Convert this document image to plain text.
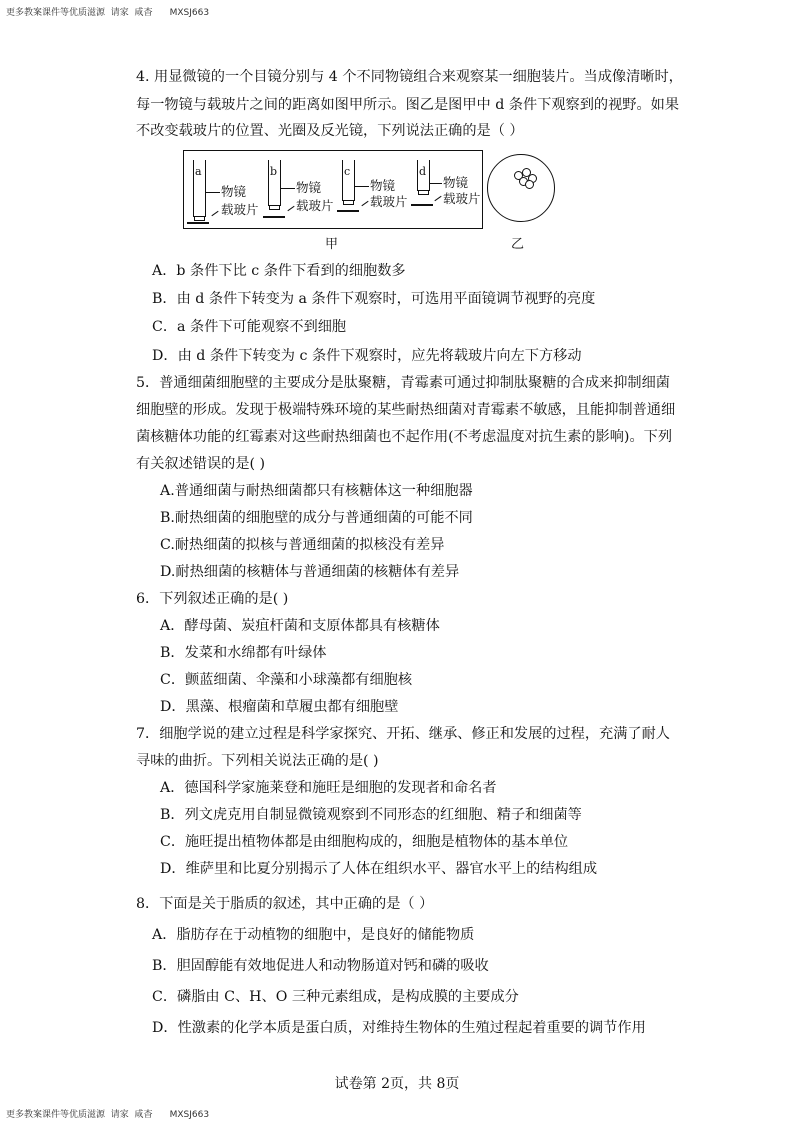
更多教案课件等优质滋源  请家  咸杳      MXSJ663
4. 用显微镜的一个目镜分别与 4 个不同物镜组合来观察某一细胞装片。当成像清晰时，
每一物镜与载玻片之间的距离如图甲所示。图乙是图甲中 d 条件下观察到的视野。如果
不改变载玻片的位置、光圈及反光镜，下列说法正确的是（ ）
a
物镜
载玻片
b
物镜
载玻片
c
物镜
载玻片
d
物镜
载玻片
甲	乙
A．b 条件下比 c 条件下看到的细胞数多
B．由 d 条件下转变为 a 条件下观察时，可选用平面镜调节视野的亮度
C．a 条件下可能观察不到细胞
D．由 d 条件下转变为 c 条件下观察时，应先将载玻片向左下方移动
5．普通细菌细胞壁的主要成分是肽聚糖，青霉素可通过抑制肽聚糖的合成来抑制细菌
细胞壁的形成。发现于极端特殊环境的某些耐热细菌对青霉素不敏感，且能抑制普通细
菌核糖体功能的红霉素对这些耐热细菌也不起作用(不考虑温度对抗生素的影响)。下列
有关叙述错误的是( )
A.普通细菌与耐热细菌都只有核糖体这一种细胞器
B.耐热细菌的细胞壁的成分与普通细菌的可能不同
C.耐热细菌的拟核与普通细菌的拟核没有差异
D.耐热细菌的核糖体与普通细菌的核糖体有差异
6．下列叙述正确的是( )
A．酵母菌、炭疽杆菌和支原体都具有核糖体
B．发菜和水绵都有叶绿体
C．颤蓝细菌、伞藻和小球藻都有细胞核
D．黑藻、根瘤菌和草履虫都有细胞壁
7．细胞学说的建立过程是科学家探究、开拓、继承、修正和发展的过程，充满了耐人
寻味的曲折。下列相关说法正确的是( )
A．德国科学家施莱登和施旺是细胞的发现者和命名者
B．列文虎克用自制显微镜观察到不同形态的红细胞、精子和细菌等
C．施旺提出植物体都是由细胞构成的，细胞是植物体的基本单位
D．维萨里和比夏分别揭示了人体在组织水平、器官水平上的结构组成
8．下面是关于脂质的叙述，其中正确的是（ ）
A．脂肪存在于动植物的细胞中，是良好的储能物质
B．胆固醇能有效地促进人和动物肠道对钙和磷的吸收
C．磷脂由 C、H、O 三种元素组成，是构成膜的主要成分
D．性激素的化学本质是蛋白质，对维持生物体的生殖过程起着重要的调节作用
试卷第 2页，共 8页
更多教案课件等优质滋源  请家  咸杳      MXSJ663
